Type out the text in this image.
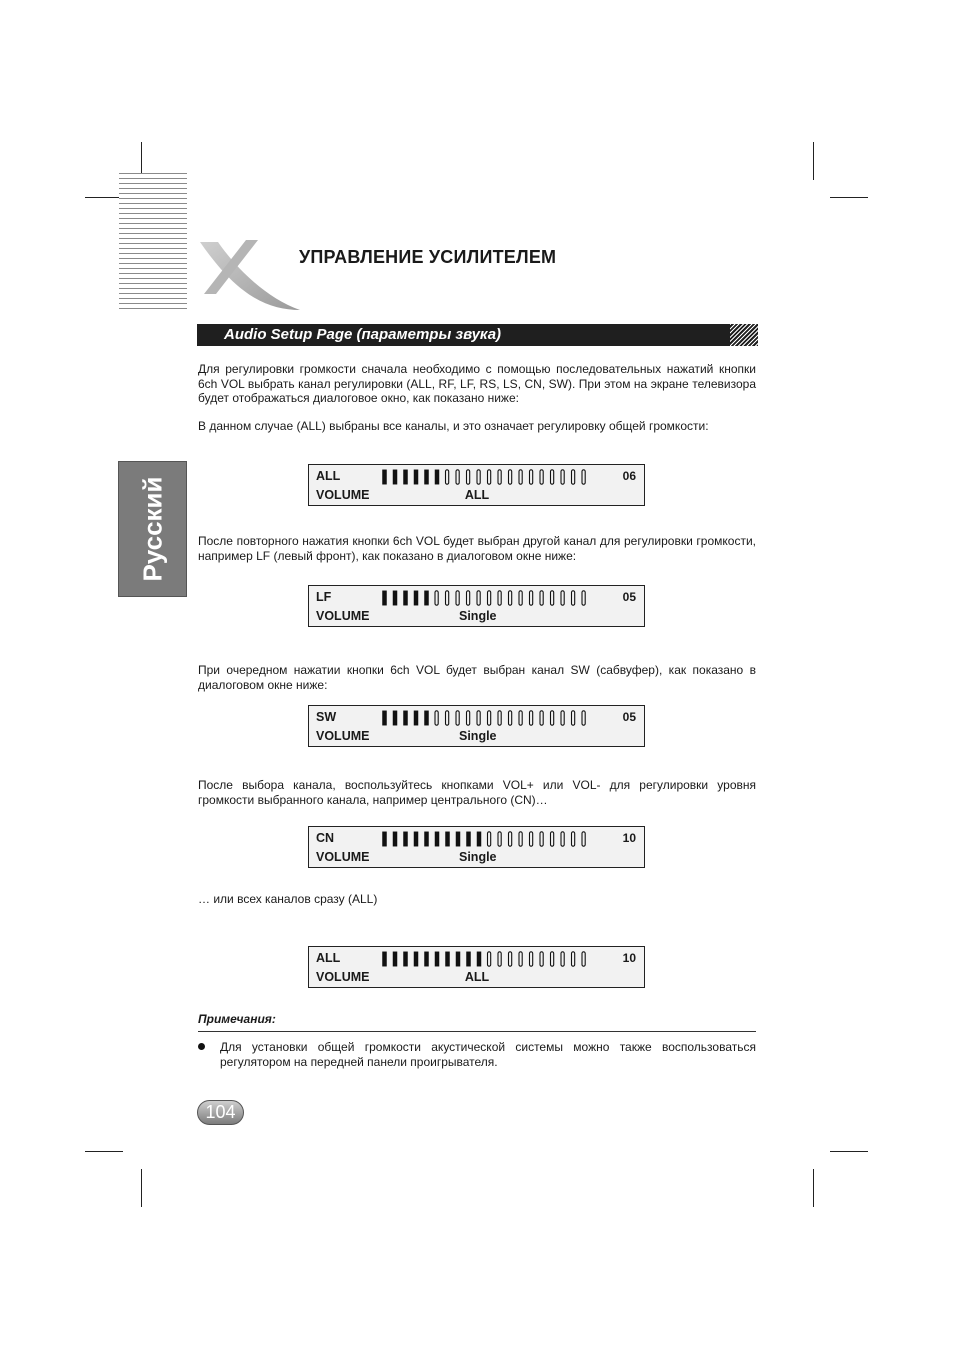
УПРАВЛЕНИЕ УСИЛИТЕЛЕМ
Audio Setup Page (параметры звука)
Русский
Для регулировки громкости сначала необходимо с помощью последовательных нажатий кнопки 6ch VOL выбрать канал регулировки (ALL, RF, LF, RS, LS, CN, SW). При этом на экране телевизора будет отображаться диалоговое окно, как показано ниже:
В данном случае (ALL) выбраны все каналы, и это означает регулировку общей громкости:
ALL
VOLUME	ALL
06
После повторного нажатия кнопки 6ch VOL будет выбран другой канал для регулировки громкости, например LF (левый фронт), как показано в диалоговом окне ниже:
LF
VOLUME	Single
05
При очередном нажатии кнопки 6ch VOL будет выбран канал SW (сабвуфер), как показано в диалоговом окне ниже:
SW
VOLUME	Single
05
После выбора канала, воспользуйтесь кнопками VOL+ или VOL- для регулировки уровня громкости выбранного канала, например центрального (CN)…
CN
VOLUME	Single
10
… или всех каналов сразу (ALL)
ALL
VOLUME	ALL
10
Примечания:
Для установки общей громкости акустической системы можно также воспользоваться регулятором на передней панели проигрывателя.
104
